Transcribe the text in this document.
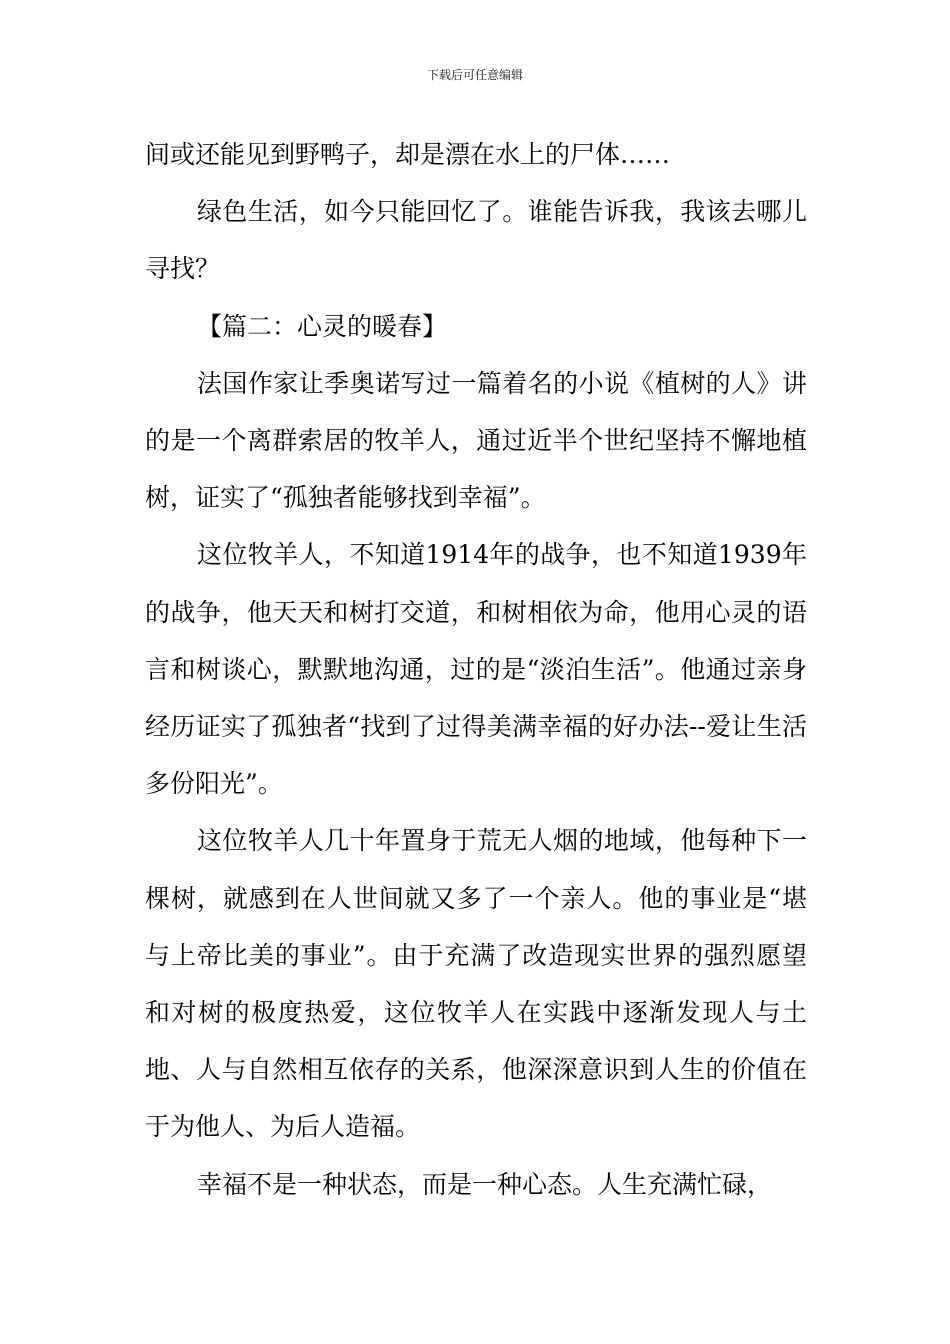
下载后可任意编辑

间或还能见到野鸭子，却是漂在水上的尸体……

绿色生活，如今只能回忆了。谁能告诉我，我该去哪儿寻找？

【篇二：心灵的暖春】

法国作家让季奥诺写过一篇着名的小说《植树的人》讲的是一个离群索居的牧羊人，通过近半个世纪坚持不懈地植树，证实了“孤独者能够找到幸福”。

这位牧羊人，不知道1914年的战争，也不知道1939年的战争，他天天和树打交道，和树相依为命，他用心灵的语言和树谈心，默默地沟通，过的是“淡泊生活”。他通过亲身经历证实了孤独者“找到了过得美满幸福的好办法--爱让生活多份阳光”。

这位牧羊人几十年置身于荒无人烟的地域，他每种下一棵树，就感到在人世间就又多了一个亲人。他的事业是“堪与上帝比美的事业”。由于充满了改造现实世界的强烈愿望和对树的极度热爱，这位牧羊人在实践中逐渐发现人与土地、人与自然相互依存的关系，他深深意识到人生的价值在于为他人、为后人造福。

幸福不是一种状态，而是一种心态。人生充满忙碌，
